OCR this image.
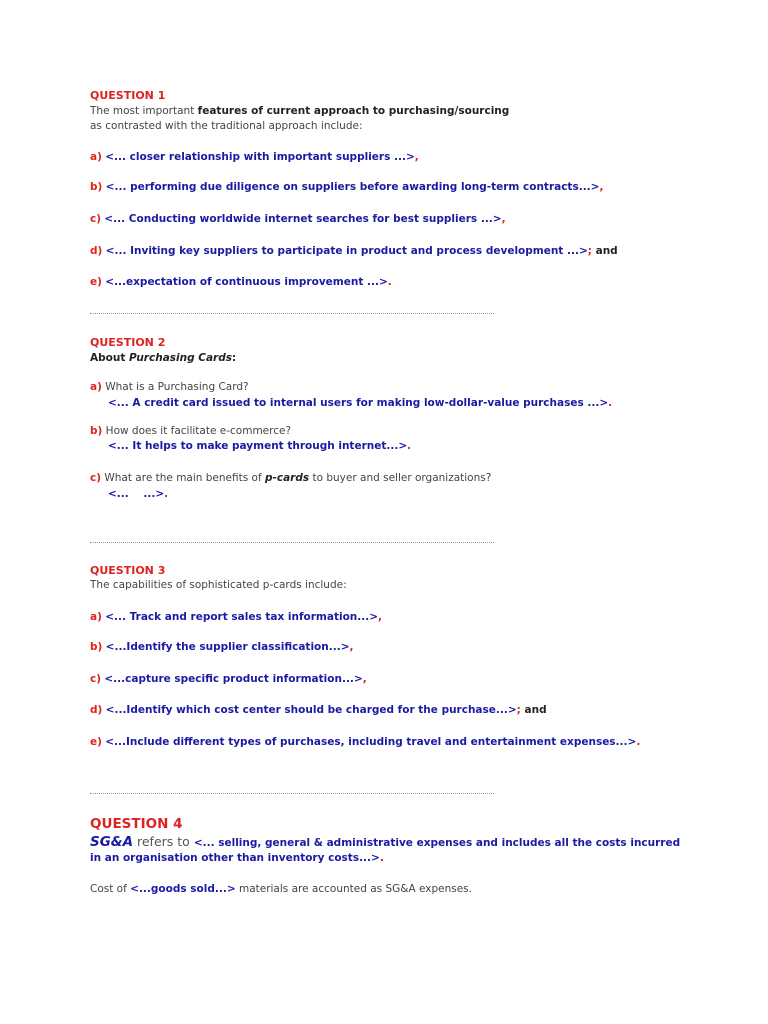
QUESTION 1

The most important features of current approach to purchasing/sourcing

as contrasted with the traditional approach include:

a) <... closer relationship with important suppliers ...>,

b) <... performing due diligence on suppliers before awarding long-term contracts...>,

c) <... Conducting worldwide internet searches for best suppliers ...>,

d) <... Inviting key suppliers to participate in product and process development ...>; and

e) <...expectation of continuous improvement ...>.

QUESTION 2

About Purchasing Cards:

a) What is a Purchasing Card?

<... A credit card issued to internal users for making low-dollar-value purchases ...>.

b) How does it facilitate e-commerce?

<... It helps to make payment through internet...>.

c) What are the main benefits of p-cards to buyer and seller organizations?

<...    ...>.

QUESTION 3

The capabilities of sophisticated p-cards include:

a) <... Track and report sales tax information...>,

b) <...Identify the supplier classification...>,

c) <...capture specific product information...>,

d) <...Identify which cost center should be charged for the purchase...>; and

e) <...Include different types of purchases, including travel and entertainment expenses...>.

QUESTION 4

SG&A refers to <... selling, general & administrative expenses and includes all the costs incurred

in an organisation other than inventory costs...>.

Cost of <...goods sold...> materials are accounted as SG&A expenses.
